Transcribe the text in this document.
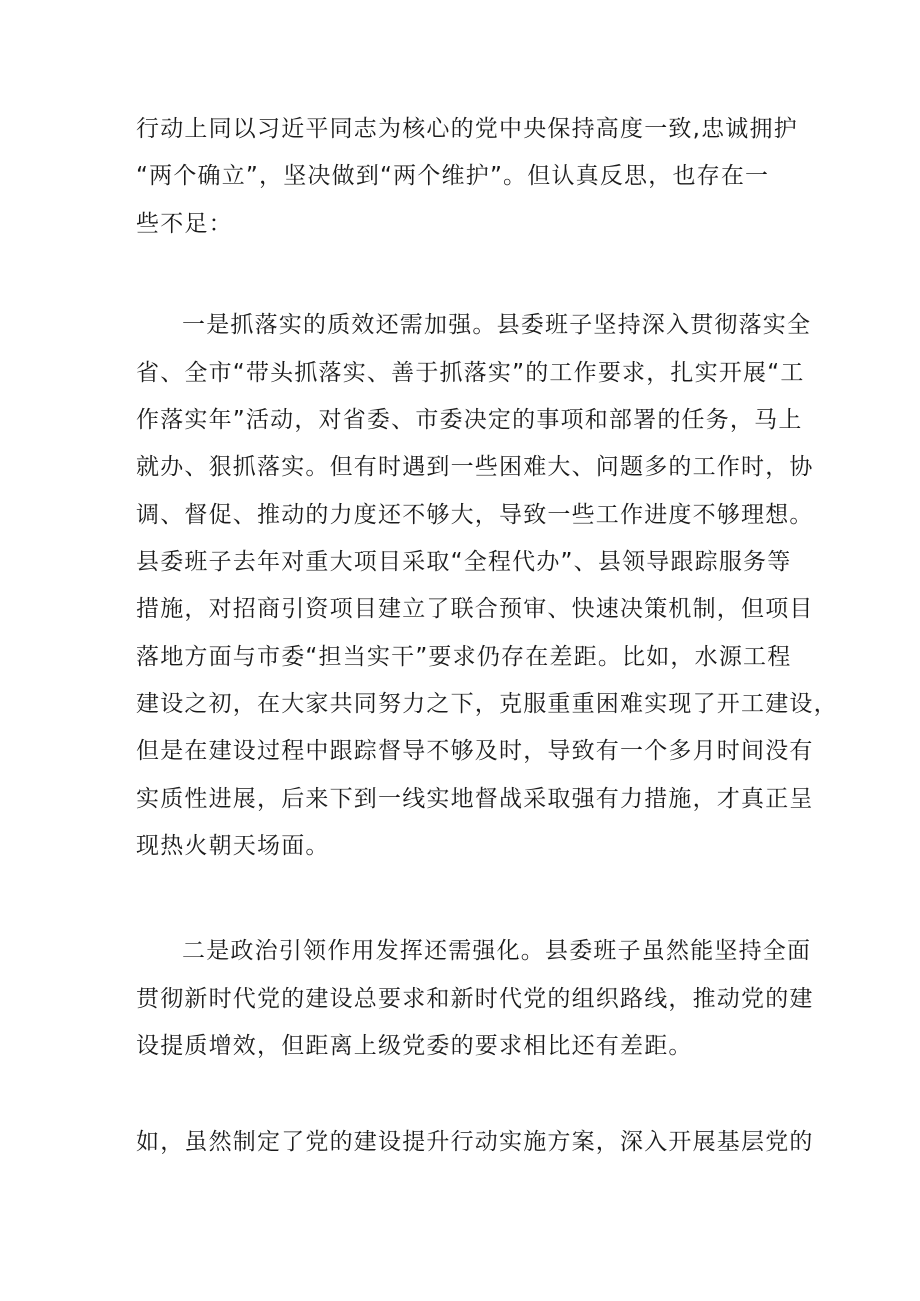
行动上同以习近平同志为核心的党中央保持高度一致,忠诚拥护
“两个确立”，坚决做到“两个维护”。但认真反思，也存在一
些不足：
一是抓落实的质效还需加强。县委班子坚持深入贯彻落实全
省、全市“带头抓落实、善于抓落实”的工作要求，扎实开展“工
作落实年”活动，对省委、市委决定的事项和部署的任务，马上
就办、狠抓落实。但有时遇到一些困难大、问题多的工作时，协
调、督促、推动的力度还不够大，导致一些工作进度不够理想。
县委班子去年对重大项目采取“全程代办”、县领导跟踪服务等
措施，对招商引资项目建立了联合预审、快速决策机制，但项目
落地方面与市委“担当实干”要求仍存在差距。比如，水源工程
建设之初，在大家共同努力之下，克服重重困难实现了开工建设，
但是在建设过程中跟踪督导不够及时，导致有一个多月时间没有
实质性进展，后来下到一线实地督战采取强有力措施，才真正呈
现热火朝天场面。
二是政治引领作用发挥还需强化。县委班子虽然能坚持全面
贯彻新时代党的建设总要求和新时代党的组织路线，推动党的建
设提质增效，但距离上级党委的要求相比还有差距。
如，虽然制定了党的建设提升行动实施方案，深入开展基层党的
